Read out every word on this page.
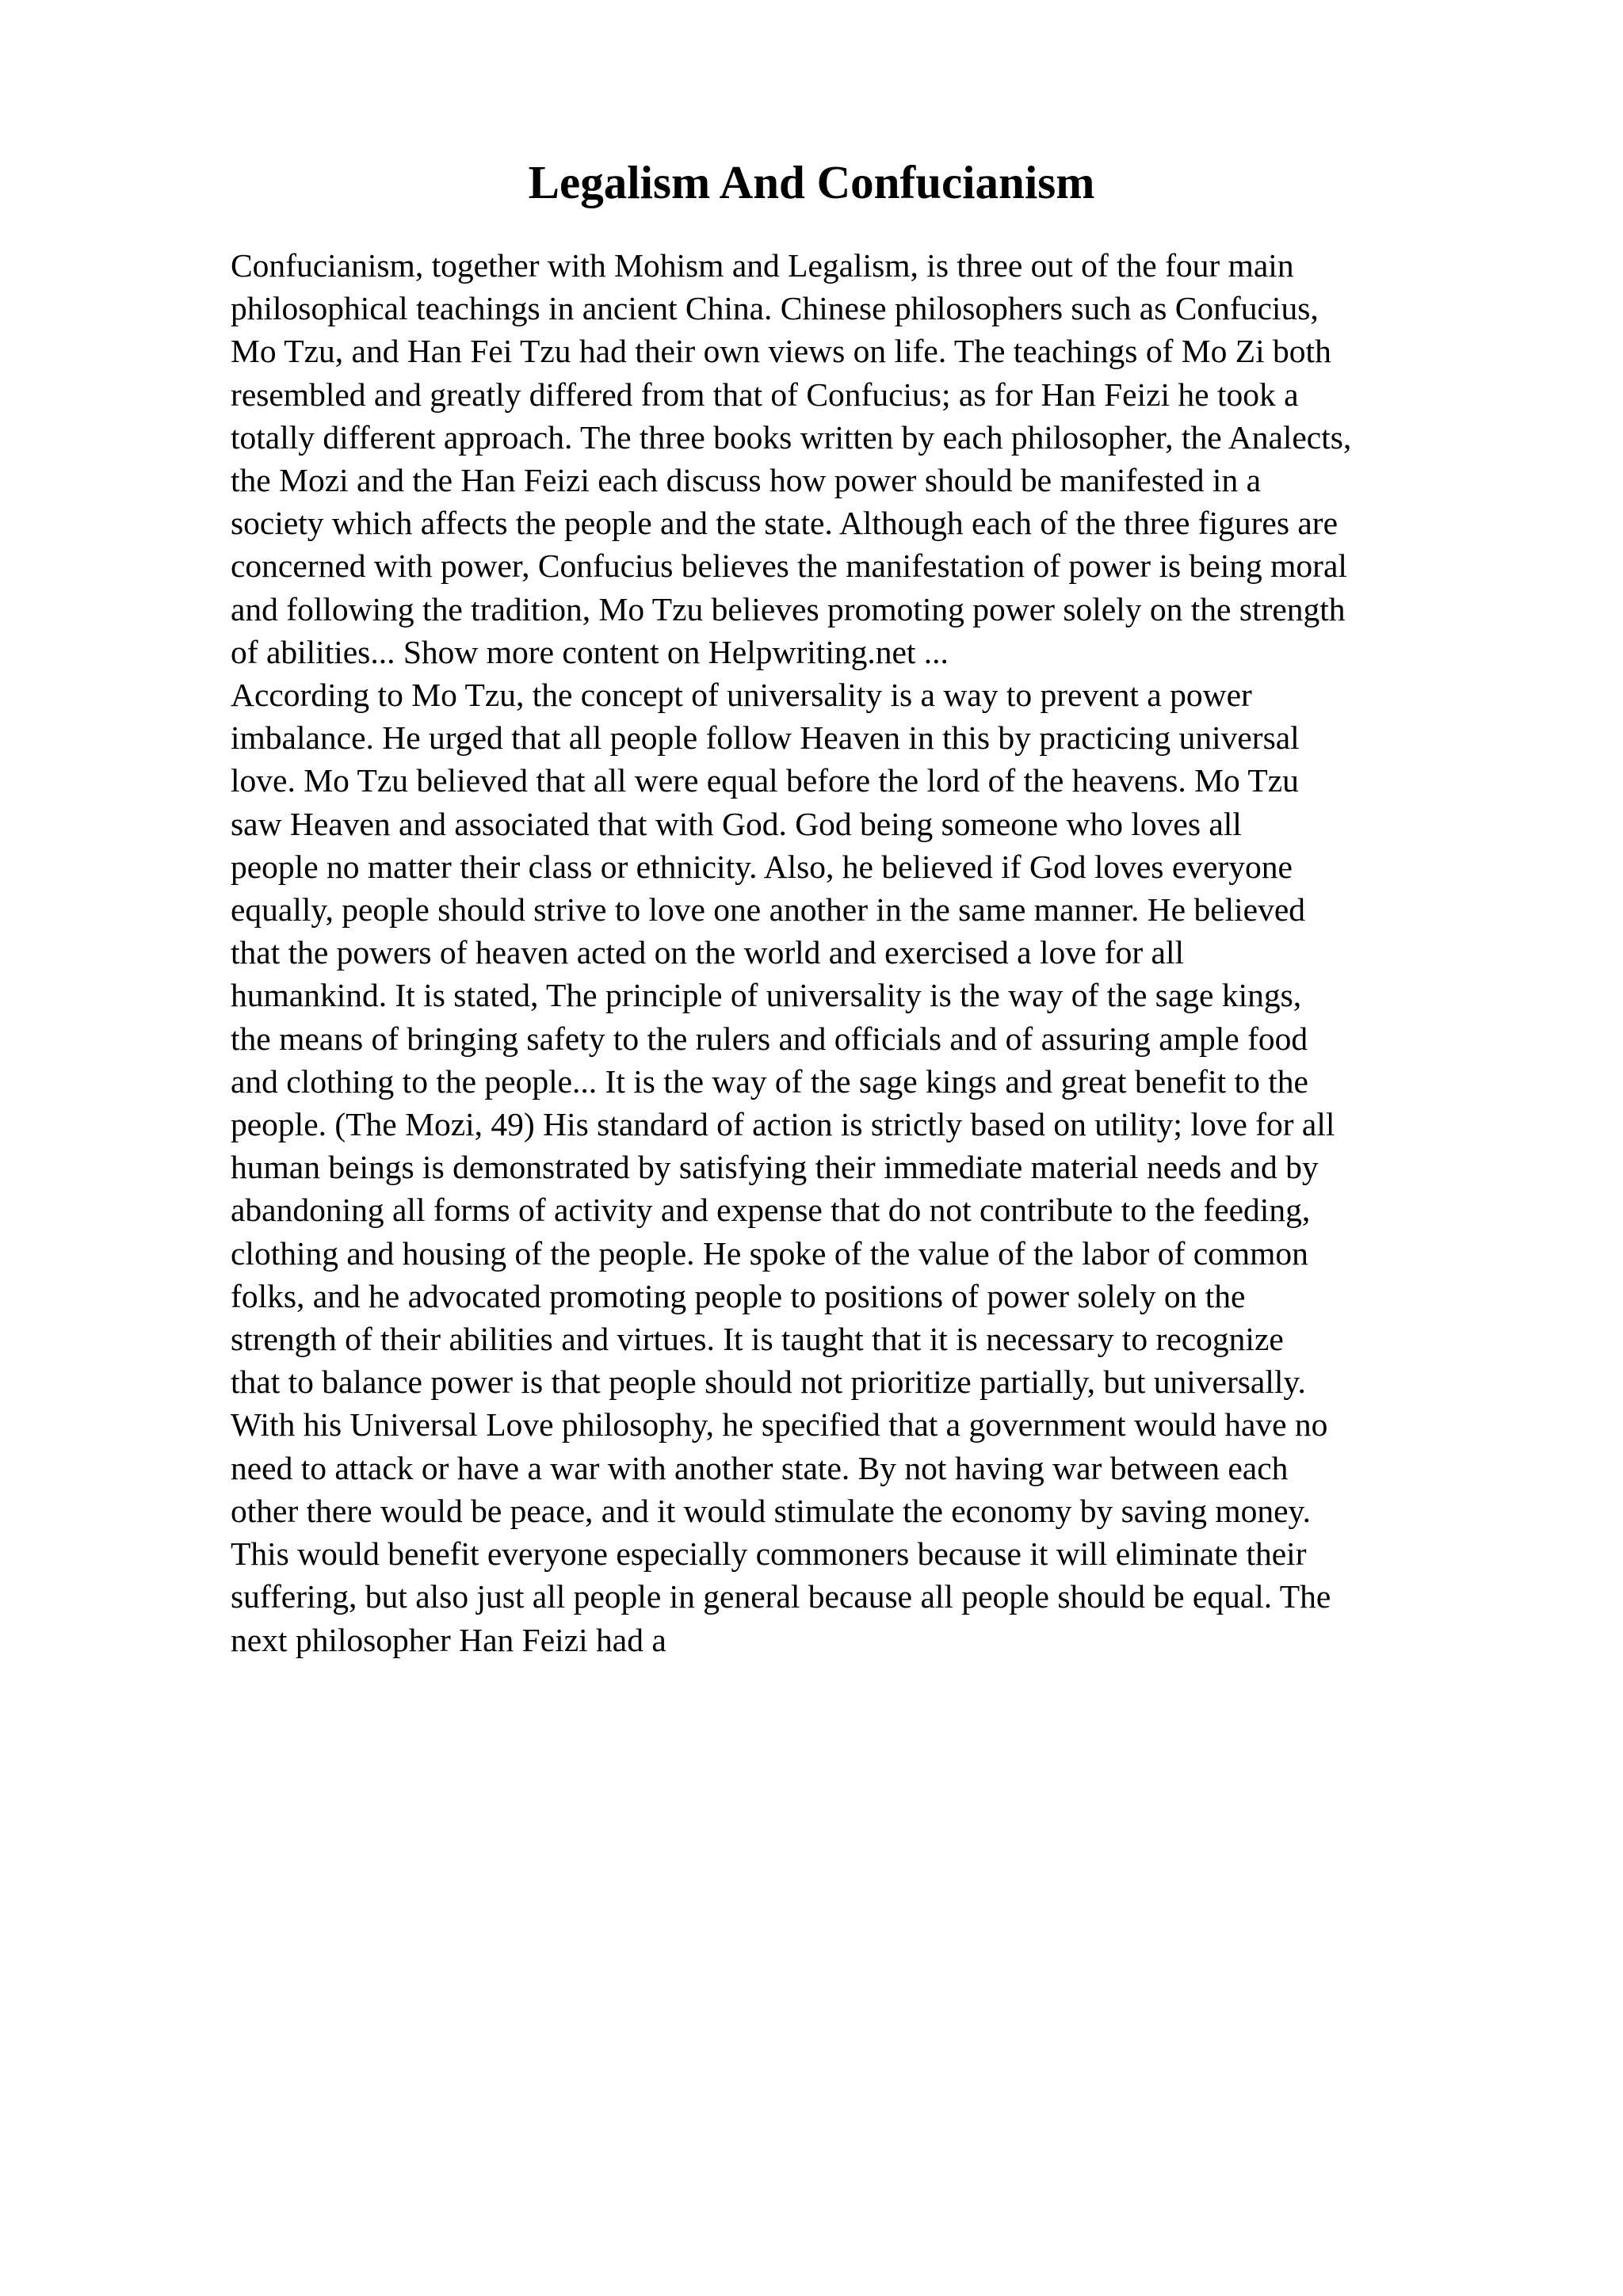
Legalism And Confucianism
Confucianism, together with Mohism and Legalism, is three out of the four main
philosophical teachings in ancient China. Chinese philosophers such as Confucius,
Mo Tzu, and Han Fei Tzu had their own views on life. The teachings of Mo Zi both
resembled and greatly differed from that of Confucius; as for Han Feizi he took a
totally different approach. The three books written by each philosopher, the Analects,
the Mozi and the Han Feizi each discuss how power should be manifested in a
society which affects the people and the state. Although each of the three figures are
concerned with power, Confucius believes the manifestation of power is being moral
and following the tradition, Mo Tzu believes promoting power solely on the strength
of abilities... Show more content on Helpwriting.net ...
According to Mo Tzu, the concept of universality is a way to prevent a power
imbalance. He urged that all people follow Heaven in this by practicing universal
love. Mo Tzu believed that all were equal before the lord of the heavens. Mo Tzu
saw Heaven and associated that with God. God being someone who loves all
people no matter their class or ethnicity. Also, he believed if God loves everyone
equally, people should strive to love one another in the same manner. He believed
that the powers of heaven acted on the world and exercised a love for all
humankind. It is stated, The principle of universality is the way of the sage kings,
the means of bringing safety to the rulers and officials and of assuring ample food
and clothing to the people... It is the way of the sage kings and great benefit to the
people. (The Mozi, 49) His standard of action is strictly based on utility; love for all
human beings is demonstrated by satisfying their immediate material needs and by
abandoning all forms of activity and expense that do not contribute to the feeding,
clothing and housing of the people. He spoke of the value of the labor of common
folks, and he advocated promoting people to positions of power solely on the
strength of their abilities and virtues. It is taught that it is necessary to recognize
that to balance power is that people should not prioritize partially, but universally.
With his Universal Love philosophy, he specified that a government would have no
need to attack or have a war with another state. By not having war between each
other there would be peace, and it would stimulate the economy by saving money.
This would benefit everyone especially commoners because it will eliminate their
suffering, but also just all people in general because all people should be equal. The
next philosopher Han Feizi had a
